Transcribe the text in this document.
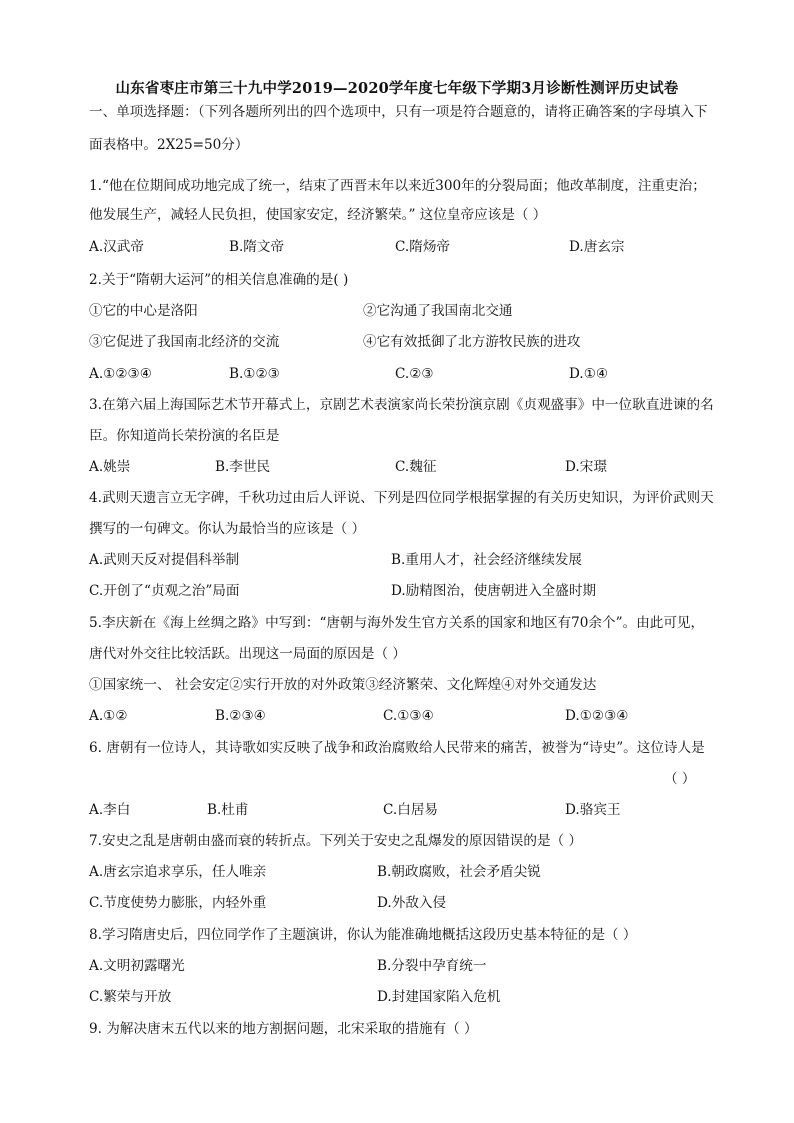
山东省枣庄市第三十九中学2019—2020学年度七年级下学期3月诊断性测评历史试卷
一、单项选择题：（下列各题所列出的四个选项中，只有一项是符合题意的，请将正确答案的字母填入下
面表格中。2X25=50分）
1.“他在位期间成功地完成了统一，结束了西晋末年以来近300年的分裂局面；他改革制度，注重吏治；
他发展生产，减轻人民负担，使国家安定，经济繁荣。” 这位皇帝应该是（ ）
A.汉武帝	B.隋文帝	C.隋炀帝	D.唐玄宗
2.关于“隋朝大运河”的相关信息准确的是( )
①它的中心是洛阳	②它沟通了我国南北交通
③它促进了我国南北经济的交流	④它有效抵御了北方游牧民族的进攻
A.①②③④	B.①②③	C.②③	D.①④
3.在第六届上海国际艺术节开幕式上，京剧艺术表演家尚长荣扮演京剧《贞观盛事》中一位耿直进谏的名
臣。你知道尚长荣扮演的名臣是
A.姚崇	B.李世民	C.魏征	D.宋璟
4.武则天遗言立无字碑，千秋功过由后人评说、下列是四位同学根据掌握的有关历史知识，为评价武则天
撰写的一句碑文。你认为最恰当的应该是（ ）
A.武则天反对提倡科举制	B.重用人才，社会经济继续发展
C.开创了“贞观之治”局面	D.励精图治，使唐朝进入全盛时期
5.李庆新在《海上丝绸之路》中写到：“唐朝与海外发生官方关系的国家和地区有70余个”。由此可见，
唐代对外交往比较活跃。出现这一局面的原因是（ ）
①国家统一、 社会安定②实行开放的对外政策③经济繁荣、文化辉煌④对外交通发达
A.①②	B.②③④	C.①③④	D.①②③④
6. 唐朝有一位诗人，其诗歌如实反映了战争和政治腐败给人民带来的痛苦，被誉为“诗史”。这位诗人是
（ ）
A.李白	B.杜甫	C.白居易	D.骆宾王
7.安史之乱是唐朝由盛而衰的转折点。下列关于安史之乱爆发的原因错误的是（ ）
A.唐玄宗追求享乐，任人唯亲	B.朝政腐败，社会矛盾尖锐
C.节度使势力膨胀，内轻外重	D.外敌入侵
8.学习隋唐史后，四位同学作了主题演讲，你认为能准确地概括这段历史基本特征的是（ ）
A.文明初露曙光	B.分裂中孕育统一
C.繁荣与开放	D.封建国家陷入危机
9. 为解决唐末五代以来的地方割据问题，北宋采取的措施有（ ）
